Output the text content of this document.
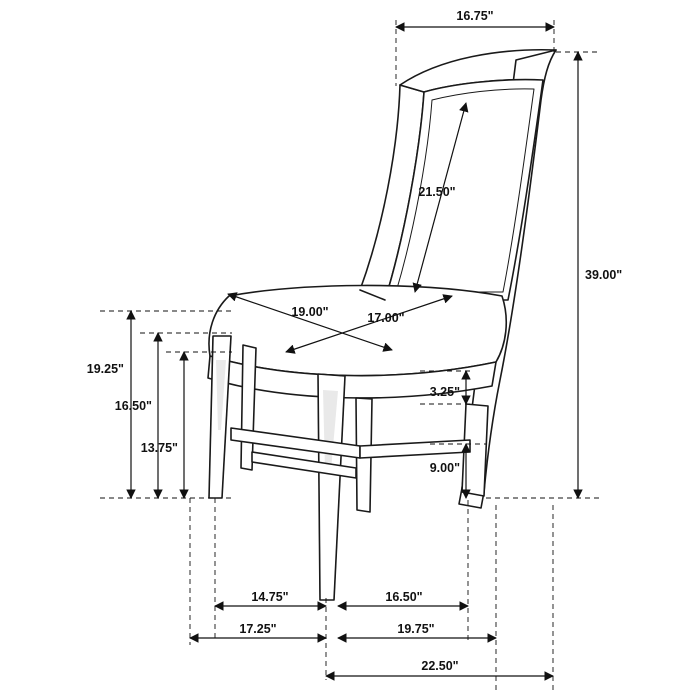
16.75"
39.00"
21.50"
19.00"	17.00"
19.25"
16.50"
13.75"
3.25"
9.00"
14.75"	16.50"
17.25"	19.75"
22.50"
